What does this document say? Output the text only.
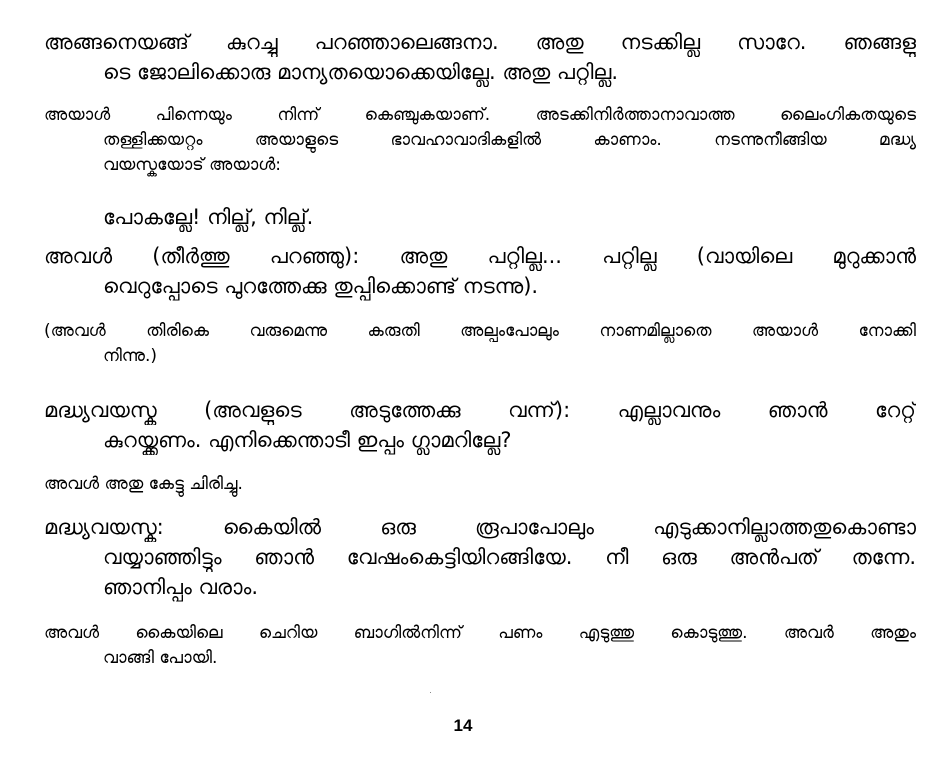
അങ്ങനെയങ്ങ് കുറച്ചു പറഞ്ഞാലെങ്ങനാ. അതു നടക്കില്ല സാറേ. ഞങ്ങളു
ടെ ജോലിക്കൊരു മാന്യതയൊക്കെയില്ലേ. അതു പറ്റില്ല.
അയാൾ പിന്നെയും നിന്ന് കെഞ്ചുകയാണ്. അടക്കിനിർത്താനാവാത്ത ലൈംഗികതയുടെ
തള്ളിക്കയറ്റം അയാളുടെ ഭാവഹാവാദികളിൽ കാണാം. നടന്നുനീങ്ങിയ മദ്ധ്യ
വയസ്കയോട് അയാൾ:
പോകല്ലേ! നില്ല്, നില്ല്.
അവൾ (തീർത്തു പറഞ്ഞു): അതു പറ്റില്ല... പറ്റില്ല (വായിലെ മുറുക്കാൻ
വെറുപ്പോടെ പുറത്തേക്കു തുപ്പിക്കൊണ്ട് നടന്നു).
(അവൾ തിരികെ വരുമെന്നു കരുതി അല്പംപോലും നാണമില്ലാതെ അയാൾ നോക്കി
നിന്നു.)
മദ്ധ്യവയസ്ക (അവളുടെ അടുത്തേക്കു വന്ന്): എല്ലാവനും ഞാൻ റേറ്റ്
കുറയ്ക്കണം. എനിക്കെന്താടീ ഇപ്പം ഗ്ലാമറില്ലേ?
അവൾ അതു കേട്ടു ചിരിച്ചു.
മദ്ധ്യവയസ്ക: കൈയിൽ ഒരു രൂപാപോലും എടുക്കാനില്ലാത്തതുകൊണ്ടാ
വയ്യാഞ്ഞിട്ടും ഞാൻ വേഷംകെട്ടിയിറങ്ങിയേ. നീ ഒരു അൻപത് തന്നേ.
ഞാനിപ്പം വരാം.
അവൾ കൈയിലെ ചെറിയ ബാഗിൽനിന്ന് പണം എടുത്തു കൊടുത്തു. അവർ അതും
വാങ്ങി പോയി.
14
